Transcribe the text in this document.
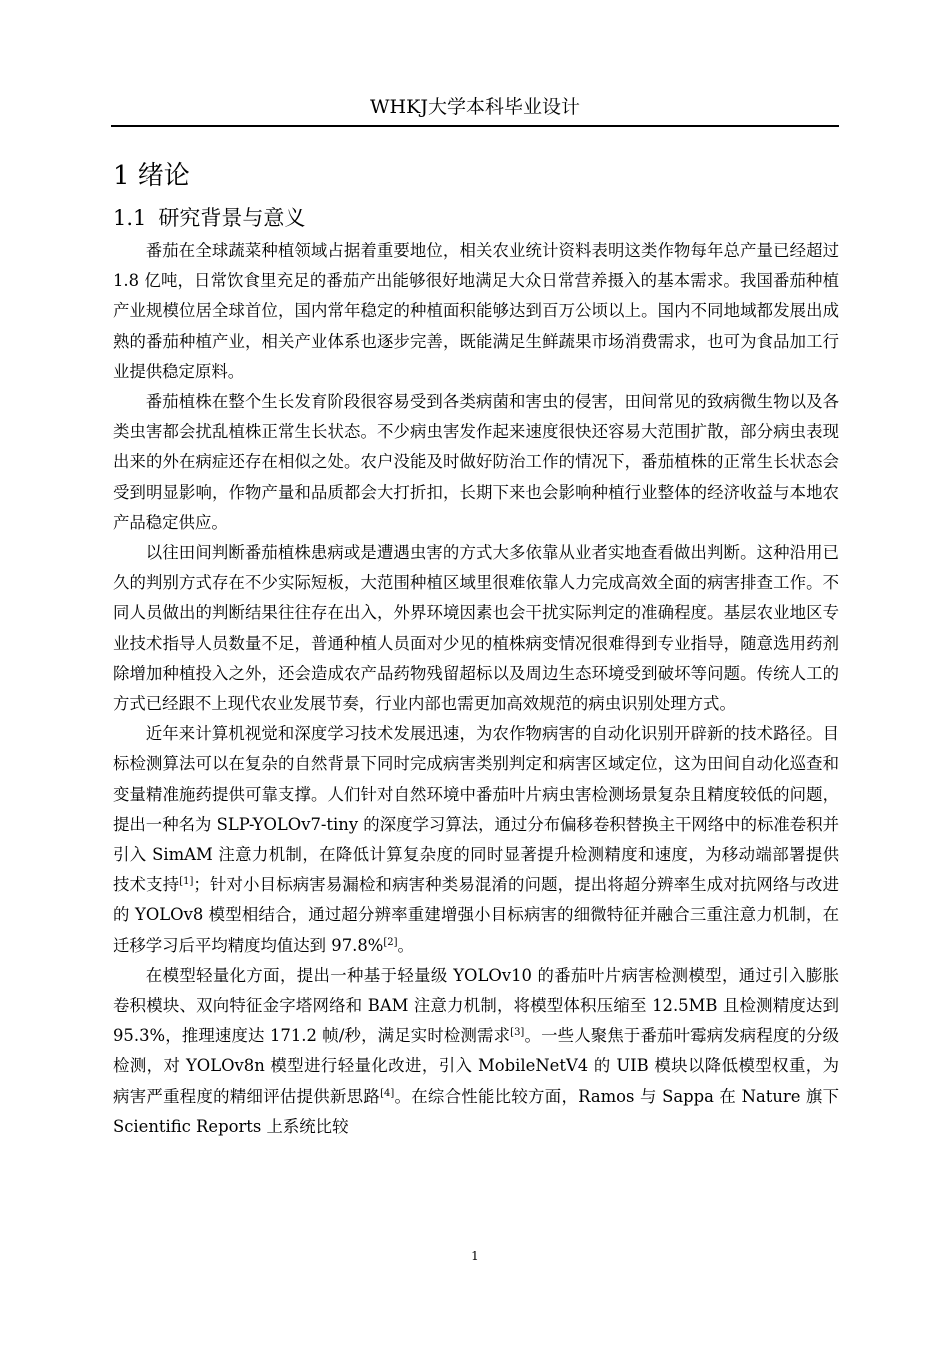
WHKJ大学本科毕业设计
1 绪论
1.1 研究背景与意义

番茄在全球蔬菜种植领域占据着重要地位，相关农业统计资料表明这类作物每年总产量已经超过 1.8 亿吨，日常饮食里充足的番茄产出能够很好地满足大众日常营养摄入的基本需求。我国番茄种植产业规模位居全球首位，国内常年稳定的种植面积能够达到百万公顷以上。国内不同地域都发展出成熟的番茄种植产业，相关产业体系也逐步完善，既能满足生鲜蔬果市场消费需求，也可为食品加工行业提供稳定原料。

番茄植株在整个生长发育阶段很容易受到各类病菌和害虫的侵害，田间常见的致病微生物以及各类虫害都会扰乱植株正常生长状态。不少病虫害发作起来速度很快还容易大范围扩散，部分病虫表现出来的外在病症还存在相似之处。农户没能及时做好防治工作的情况下，番茄植株的正常生长状态会受到明显影响，作物产量和品质都会大打折扣，长期下来也会影响种植行业整体的经济收益与本地农产品稳定供应。

以往田间判断番茄植株患病或是遭遇虫害的方式大多依靠从业者实地查看做出判断。这种沿用已久的判别方式存在不少实际短板，大范围种植区域里很难依靠人力完成高效全面的病害排查工作。不同人员做出的判断结果往往存在出入，外界环境因素也会干扰实际判定的准确程度。基层农业地区专业技术指导人员数量不足，普通种植人员面对少见的植株病变情况很难得到专业指导，随意选用药剂除增加种植投入之外，还会造成农产品药物残留超标以及周边生态环境受到破坏等问题。传统人工的方式已经跟不上现代农业发展节奏，行业内部也需更加高效规范的病虫识别处理方式。

近年来计算机视觉和深度学习技术发展迅速，为农作物病害的自动化识别开辟新的技术路径。目标检测算法可以在复杂的自然背景下同时完成病害类别判定和病害区域定位，这为田间自动化巡查和变量精准施药提供可靠支撑。人们针对自然环境中番茄叶片病虫害检测场景复杂且精度较低的问题，提出一种名为 SLP-YOLOv7-tiny 的深度学习算法，通过分布偏移卷积替换主干网络中的标准卷积并引入 SimAM 注意力机制，在降低计算复杂度的同时显著提升检测精度和速度，为移动端部署提供技术支持[1]；针对小目标病害易漏检和病害种类易混淆的问题，提出将超分辨率生成对抗网络与改进的 YOLOv8 模型相结合，通过超分辨率重建增强小目标病害的细微特征并融合三重注意力机制，在迁移学习后平均精度均值达到 97.8%[2]。

在模型轻量化方面，提出一种基于轻量级 YOLOv10 的番茄叶片病害检测模型，通过引入膨胀卷积模块、双向特征金字塔网络和 BAM 注意力机制，将模型体积压缩至 12.5MB 且检测精度达到 95.3%，推理速度达 171.2 帧/秒，满足实时检测需求[3]。一些人聚焦于番茄叶霉病发病程度的分级检测，对 YOLOv8n 模型进行轻量化改进，引入 MobileNetV4 的 UIB 模块以降低模型权重，为病害严重程度的精细评估提供新思路[4]。在综合性能比较方面，Ramos 与 Sappa 在 Nature 旗下 Scientific Reports 上系统比较

1
